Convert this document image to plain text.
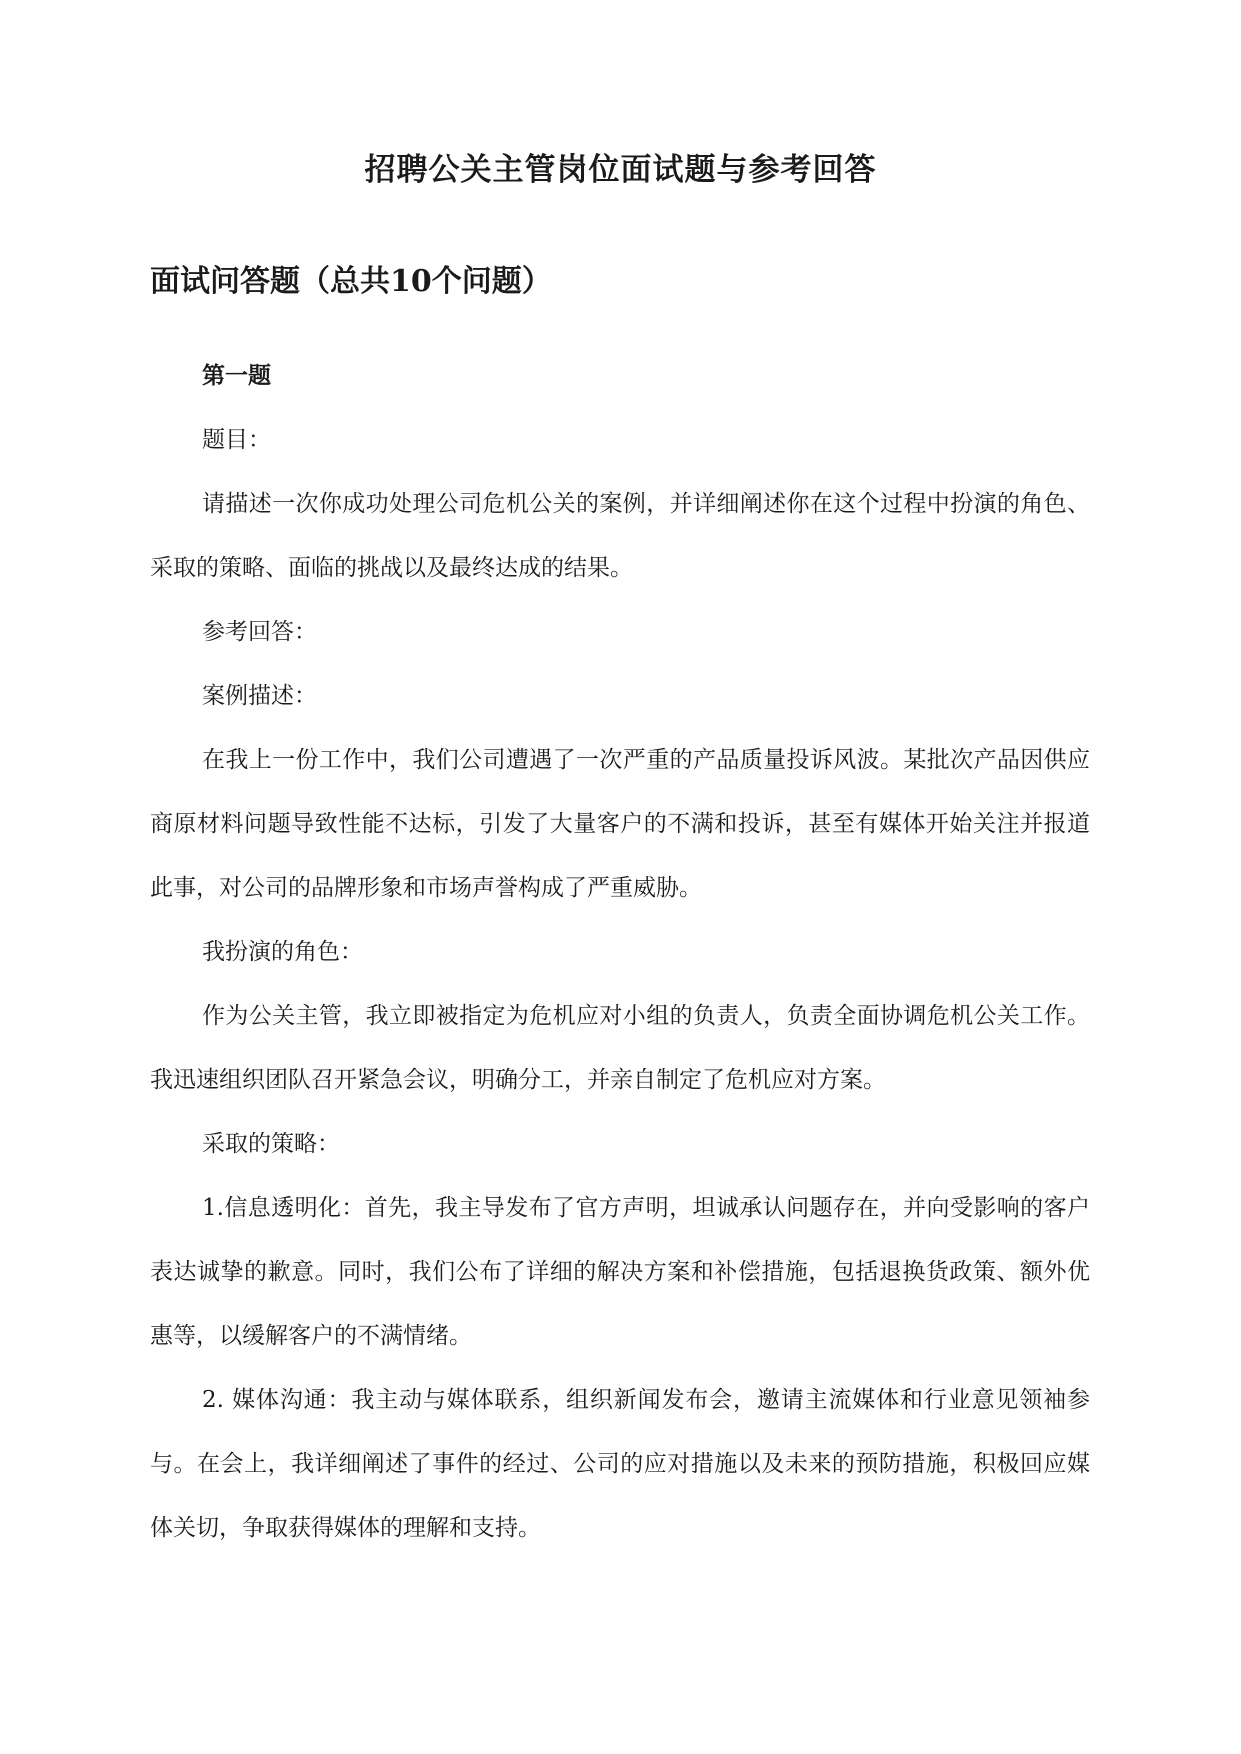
招聘公关主管岗位面试题与参考回答
面试问答题（总共10个问题）

第一题

题目：

请描述一次你成功处理公司危机公关的案例，并详细阐述你在这个过程中扮演的角色、采取的策略、面临的挑战以及最终达成的结果。

参考回答：

案例描述：

在我上一份工作中，我们公司遭遇了一次严重的产品质量投诉风波。某批次产品因供应商原材料问题导致性能不达标，引发了大量客户的不满和投诉，甚至有媒体开始关注并报道此事，对公司的品牌形象和市场声誉构成了严重威胁。

我扮演的角色：

作为公关主管，我立即被指定为危机应对小组的负责人，负责全面协调危机公关工作。我迅速组织团队召开紧急会议，明确分工，并亲自制定了危机应对方案。

采取的策略：

1.信息透明化：首先，我主导发布了官方声明，坦诚承认问题存在，并向受影响的客户表达诚挚的歉意。同时，我们公布了详细的解决方案和补偿措施，包括退换货政策、额外优惠等，以缓解客户的不满情绪。

2. 媒体沟通：我主动与媒体联系，组织新闻发布会，邀请主流媒体和行业意见领袖参与。在会上，我详细阐述了事件的经过、公司的应对措施以及未来的预防措施，积极回应媒体关切，争取获得媒体的理解和支持。
